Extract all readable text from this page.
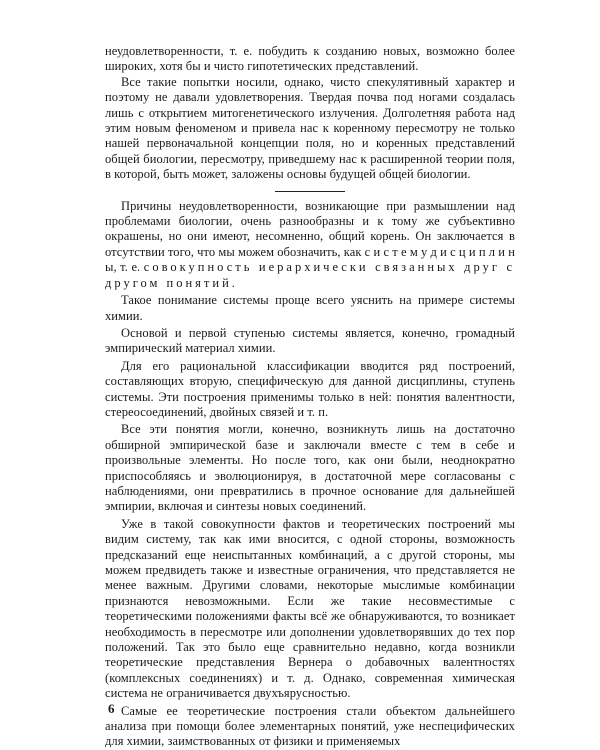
неудовлетворенности, т. е. побудить к созданию новых, возможно более широких, хотя бы и чисто гипотетических представлений.

Все такие попытки носили, однако, чисто спекулятивный характер и поэтому не давали удовлетворения. Твердая почва под ногами создалась лишь с открытием митогенетического излучения. Долголетняя работа над этим новым феноменом и привела нас к коренному пересмотру не только нашей первоначальной концепции поля, но и коренных представлений общей биологии, пересмотру, приведшему нас к расширенной теории поля, в которой, быть может, заложены основы будущей общей биологии.

Причины неудовлетворенности, возникающие при размышлении над проблемами биологии, очень разнообразны и к тому же субъективно окрашены, но они имеют, несомненно, общий корень. Он заключается в отсутствии того, что мы можем обозначить, как с и с т е м у д и с ц и п л и н ы, т. е. совокупность иерархически связанных друг с другом понятий.

Такое понимание системы проще всего уяснить на примере системы химии.

Основой и первой ступенью системы является, конечно, громадный эмпирический материал химии.

Для его рациональной классификации вводится ряд построений, составляющих вторую, специфическую для данной дисциплины, ступень системы. Эти построения применимы только в ней: понятия валентности, стереосоединений, двойных связей и т. п.

Все эти понятия могли, конечно, возникнуть лишь на достаточно обширной эмпирической базе и заключали вместе с тем в себе и произвольные элементы. Но после того, как они были, неоднократно приспособляясь и эволюционируя, в достаточной мере согласованы с наблюдениями, они превратились в прочное основание для дальнейшей эмпирии, включая и синтезы новых соединений.

Уже в такой совокупности фактов и теоретических построений мы видим систему, так как ими вносится, с одной стороны, возможность предсказаний еще неиспытанных комбинаций, а с другой стороны, мы можем предвидеть также и известные ограничения, что представляется не менее важным. Другими словами, некоторые мыслимые комбинации признаются невозможными. Если же такие несовместимые с теоретическими положениями факты всё же обнаруживаются, то возникает необходимость в пересмотре или дополнении удовлетворявших до тех пор положений. Так это было еще сравнительно недавно, когда возникли теоретические представления Вернера о добавочных валентностях (комплексных соединениях) и т. д. Однако, современная химическая система не ограничивается двухъярусностью.

Самые ее теоретические построения стали объектом дальнейшего анализа при помощи более элементарных понятий, уже неспецифических для химии, заимствованных от физики и применяемых

6
